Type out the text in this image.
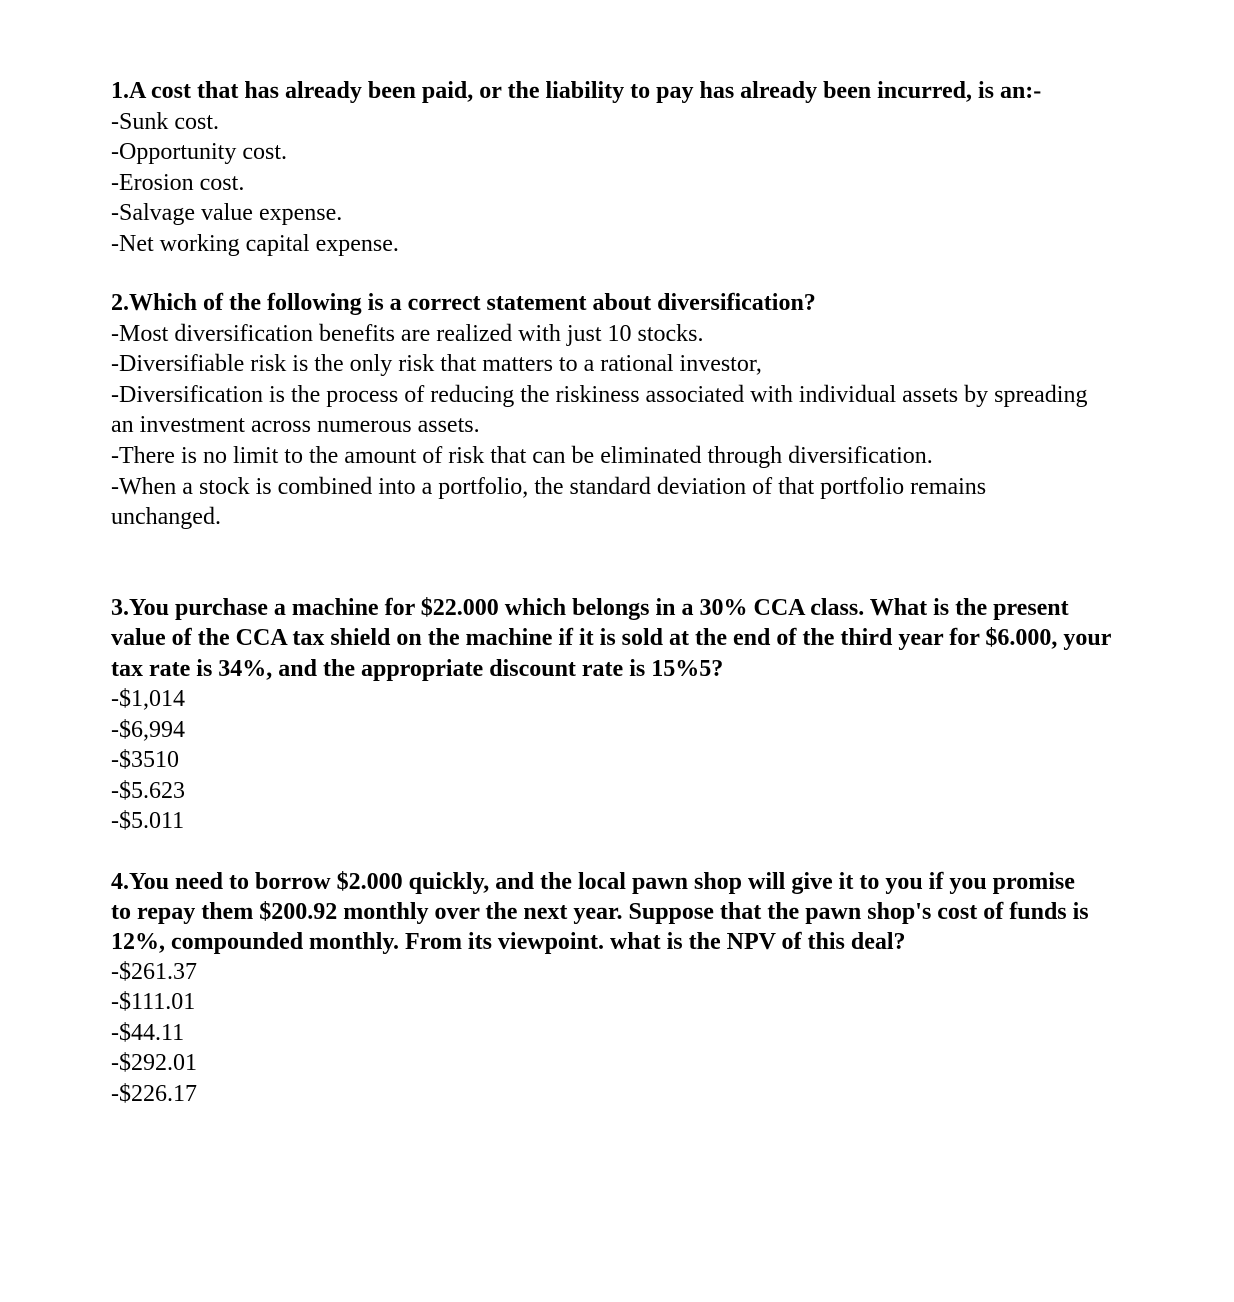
1.A cost that has already been paid, or the liability to pay has already been incurred, is an:-

-Sunk cost.

-Opportunity cost.

-Erosion cost.

-Salvage value expense.

-Net working capital expense.

2.Which of the following is a correct statement about diversification?

-Most diversification benefits are realized with just 10 stocks.

-Diversifiable risk is the only risk that matters to a rational investor,

-Diversification is the process of reducing the riskiness associated with individual assets by spreading an investment across numerous assets.

-There is no limit to the amount of risk that can be eliminated through diversification.

-When a stock is combined into a portfolio, the standard deviation of that portfolio remains unchanged.

3.You purchase a machine for $22.000 which belongs in a 30% CCA class. What is the present value of the CCA tax shield on the machine if it is sold at the end of the third year for $6.000, your tax rate is 34%, and the appropriate discount rate is 15%5?

-$1,014

-$6,994

-$3510

-$5.623

-$5.011

4.You need to borrow $2.000 quickly, and the local pawn shop will give it to you if you promise to repay them $200.92 monthly over the next year. Suppose that the pawn shop's cost of funds is 12%, compounded monthly. From its viewpoint. what is the NPV of this deal?

-$261.37

-$111.01

-$44.11

-$292.01

-$226.17
